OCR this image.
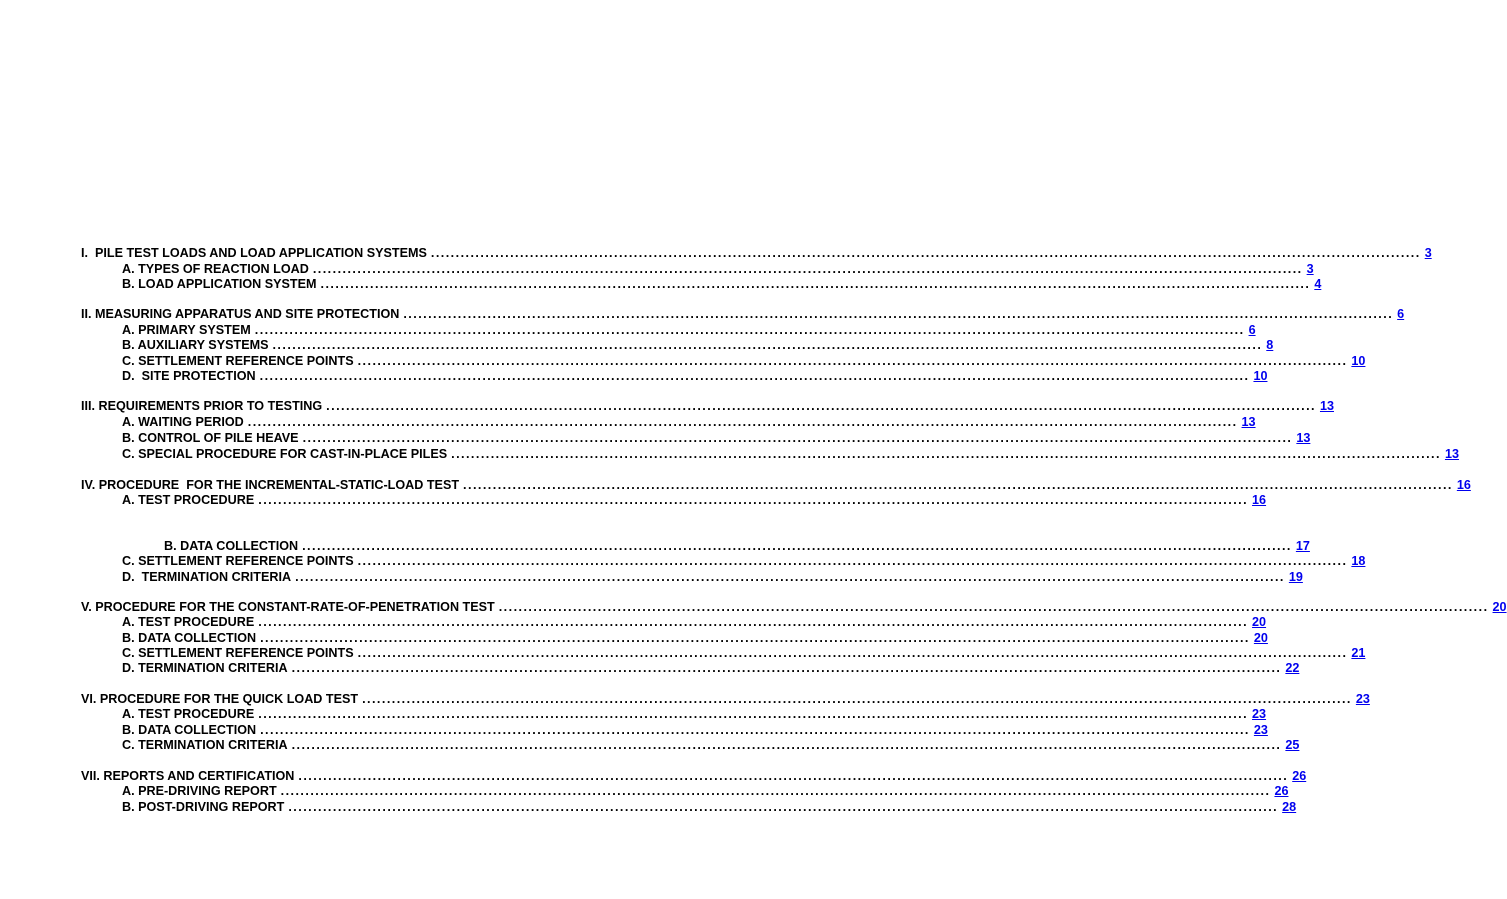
I.  PILE TEST LOADS AND LOAD APPLICATION SYSTEMS ........................................................................................................................................................................................................ 3
A. TYPES OF REACTION LOAD ........................................................................................................................................................................................................ 3
B. LOAD APPLICATION SYSTEM ........................................................................................................................................................................................................ 4
II. MEASURING APPARATUS AND SITE PROTECTION ........................................................................................................................................................................................................ 6
A. PRIMARY SYSTEM ........................................................................................................................................................................................................ 6
B. AUXILIARY SYSTEMS ........................................................................................................................................................................................................ 8
C. SETTLEMENT REFERENCE POINTS ........................................................................................................................................................................................................ 10
D.  SITE PROTECTION ........................................................................................................................................................................................................ 10
III. REQUIREMENTS PRIOR TO TESTING ........................................................................................................................................................................................................ 13
A. WAITING PERIOD ........................................................................................................................................................................................................ 13
B. CONTROL OF PILE HEAVE ........................................................................................................................................................................................................ 13
C. SPECIAL PROCEDURE FOR CAST-IN-PLACE PILES ........................................................................................................................................................................................................ 13
IV. PROCEDURE  FOR THE INCREMENTAL-STATIC-LOAD TEST ........................................................................................................................................................................................................ 16
A. TEST PROCEDURE ........................................................................................................................................................................................................ 16
B. DATA COLLECTION ........................................................................................................................................................................................................ 17
C. SETTLEMENT REFERENCE POINTS ........................................................................................................................................................................................................ 18
D.  TERMINATION CRITERIA ........................................................................................................................................................................................................ 19
V. PROCEDURE FOR THE CONSTANT-RATE-OF-PENETRATION TEST ........................................................................................................................................................................................................ 20
A. TEST PROCEDURE ........................................................................................................................................................................................................ 20
B. DATA COLLECTION ........................................................................................................................................................................................................ 20
C. SETTLEMENT REFERENCE POINTS ........................................................................................................................................................................................................ 21
D. TERMINATION CRITERIA ........................................................................................................................................................................................................ 22
VI. PROCEDURE FOR THE QUICK LOAD TEST ........................................................................................................................................................................................................ 23
A. TEST PROCEDURE ........................................................................................................................................................................................................ 23
B. DATA COLLECTION ........................................................................................................................................................................................................ 23
C. TERMINATION CRITERIA ........................................................................................................................................................................................................ 25
VII. REPORTS AND CERTIFICATION ........................................................................................................................................................................................................ 26
A. PRE-DRIVING REPORT ........................................................................................................................................................................................................ 26
B. POST-DRIVING REPORT ........................................................................................................................................................................................................ 28
